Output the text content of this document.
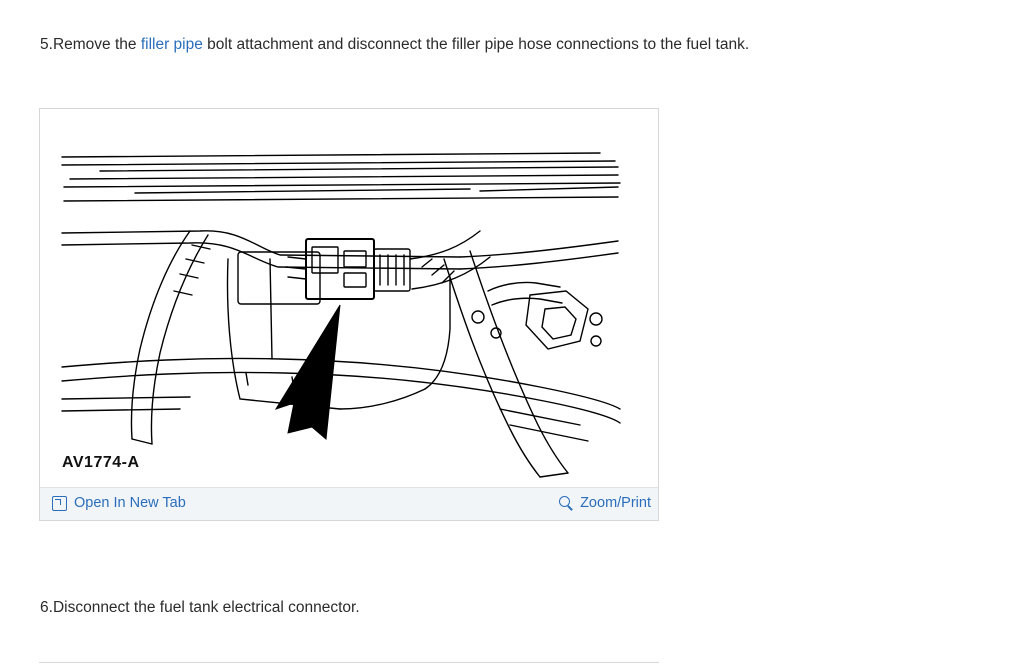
5.Remove the filler pipe bolt attachment and disconnect the filler pipe hose connections to the fuel tank.
AV1774-A
Open In New Tab	Zoom/Print
6.Disconnect the fuel tank electrical connector.
